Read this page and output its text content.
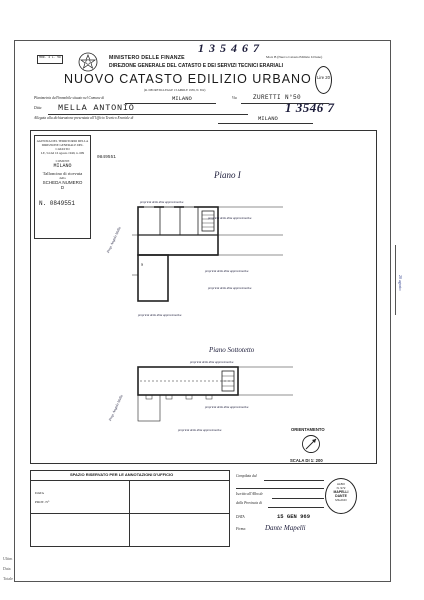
MOD. 4 L. 50	MINISTERO DELLE FINANZE
DIREZIONE GENERALE DEL CATASTO E DEI SERVIZI TECNICI ERARIALI
NUOVO CATASTO EDILIZIO URBANO
(R. DECRETO-LEGGE 13 APRILE 1939, N. 652)
Mod. B (Nuovo Catasto Edilizio Urbano)
1 3 5 4 6 7
Lire 20
Planimetria dell'immobile situato nel Comune di	MILANO	Via	ZURETTI N°50
Ditta MELLA ANTONIO	1 3546 7
Allegata alla dichiarazione presentata all'Ufficio Tecnico Erariale di	MILANO
AGENZIA DEL TERRITORIO DELLA
DIREZIONE GENERALE DEL CATASTO
LE, 54 del 16 agosto 1949, n. 699
COMUNE
MILANO
Talloncino di ricevuta
della
SCHEDA NUMERO
D
N. 0849551
0849551
Piano I
S
proprietà della ditta approssimativa
proprietà della ditta approssimativa
proprietà della ditta approssimativa
proprietà della ditta approssimativa
proprietà della ditta approssimativa
Prop. Angolo Mella
Piano Sottotetto
proprietà della ditta approssimativa
proprietà della ditta approssimativa
proprietà della ditta approssimativa
Prop. Angolo Mella
ORIENTAMENTO
SCALA DI 1: 200
20 agosto
SPAZIO RISERVATO PER LE ANNOTAZIONI D'UFFICIO
DATA
PROT. N°
Compilata dal
Iscritto all'Albo de
della Provincia di
DATA	15 GEN 969
Firma:	Dante Mapelli
ALBO
N. 972
MAPELLI
DANTE
MILANO
Ultim
Data
Totale
